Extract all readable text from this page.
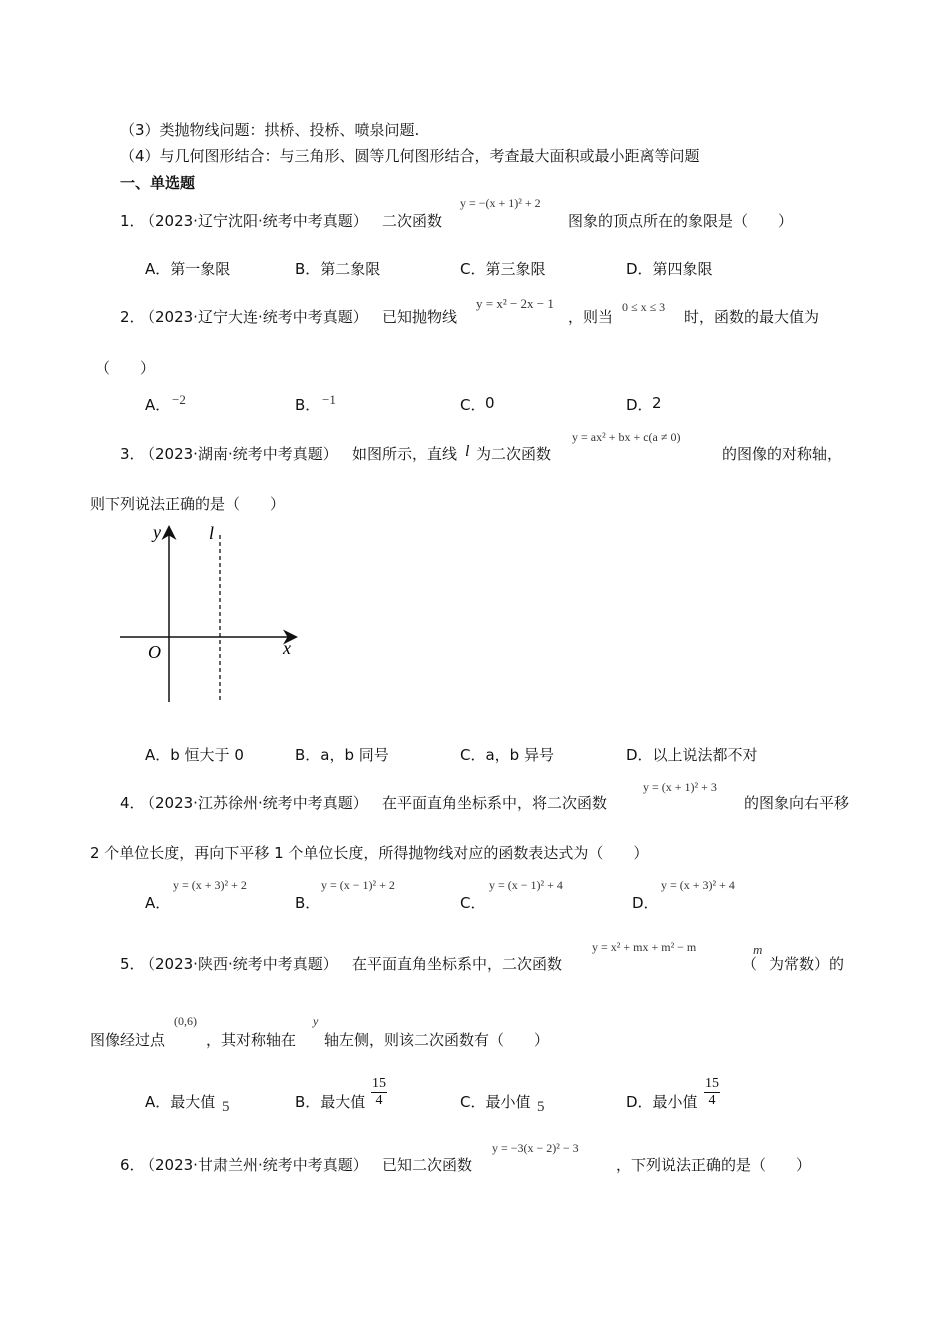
（3）类抛物线问题：拱桥、投桥、喷泉问题.
（4）与几何图形结合：与三角形、圆等几何图形结合，考查最大面积或最小距离等问题
一、单选题
1．
（2023·辽宁沈阳·统考中考真题） 二次函数
y = −(x + 1)² + 2
图象的顶点所在的象限是（　　）
A．第一象限	B．第二象限	C．第三象限	D．第四象限
2．
（2023·辽宁大连·统考中考真题） 已知抛物线
y = x² − 2x − 1
，则当
0 ≤ x ≤ 3
时，函数的最大值为
（　　）
A． −2	B． −1	C． 0	D． 2
3．
（2023·湖南·统考中考真题） 如图所示，直线 l 为二次函数
y = ax² + bx + c(a ≠ 0)
的图像的对称轴，
则下列说法正确的是（　　）
y	l
O	x
A．b 恒大于 0	B．a，b 同号	C．a，b 异号	D．以上说法都不对
4．
（2023·江苏徐州·统考中考真题） 在平面直角坐标系中，将二次函数
y = (x + 1)² + 3
的图象向右平移
2 个单位长度，再向下平移 1 个单位长度，所得抛物线对应的函数表达式为（　　）
A．
y = (x + 3)² + 2
B．
y = (x − 1)² + 2
C．
y = (x − 1)² + 4
D．
y = (x + 3)² + 4
5．
（2023·陕西·统考中考真题） 在平面直角坐标系中，二次函数
y = x² + mx + m² − m
（
m
为常数）的
图像经过点
(0,6)
，其对称轴在
y
轴左侧，则该二次函数有（　　）
A．最大值 5	B．最大值 $\frac{15}{4}$	C．最小值 5	D．最小值 $\frac{15}{4}$
6．
（2023·甘肃兰州·统考中考真题） 已知二次函数
y = −3(x − 2)² − 3
，下列说法正确的是（　　）
